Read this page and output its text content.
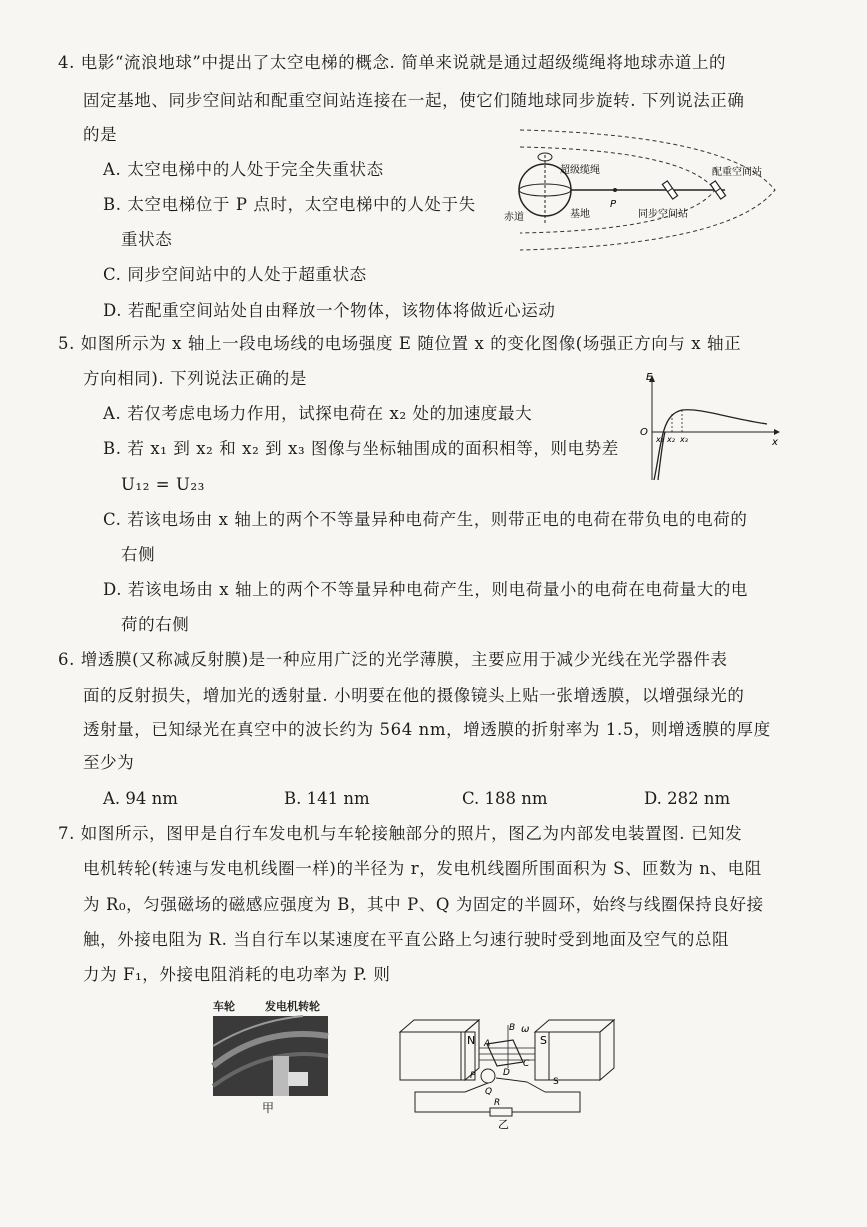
4. 电影“流浪地球”中提出了太空电梯的概念. 简单来说就是通过超级缆绳将地球赤道上的
固定基地、同步空间站和配重空间站连接在一起，使它们随地球同步旋转. 下列说法正确
的是
A. 太空电梯中的人处于完全失重状态
B. 太空电梯位于 P 点时，太空电梯中的人处于失
重状态
C. 同步空间站中的人处于超重状态
D. 若配重空间站处自由释放一个物体，该物体将做近心运动
超级缆绳	配重空间站
赤道	基地
P
同步空间站
5. 如图所示为 x 轴上一段电场线的电场强度 E 随位置 x 的变化图像(场强正方向与 x 轴正
方向相同). 下列说法正确的是
A. 若仅考虑电场力作用，试探电荷在 x₂ 处的加速度最大
B. 若 x₁ 到 x₂ 和 x₂ 到 x₃ 图像与坐标轴围成的面积相等，则电势差
U₁₂ = U₂₃
C. 若该电场由 x 轴上的两个不等量异种电荷产生，则带正电的电荷在带负电的电荷的
右侧
D. 若该电场由 x 轴上的两个不等量异种电荷产生，则电荷量小的电荷在电荷量大的电
荷的右侧
E
O
x
x₁ x₂ x₃
6. 增透膜(又称减反射膜)是一种应用广泛的光学薄膜，主要应用于减少光线在光学器件表
面的反射损失，增加光的透射量. 小明要在他的摄像镜头上贴一张增透膜，以增强绿光的
透射量，已知绿光在真空中的波长约为 564 nm，增透膜的折射率为 1.5，则增透膜的厚度
至少为
A. 94 nm	B. 141 nm	C. 188 nm	D. 282 nm
7. 如图所示，图甲是自行车发电机与车轮接触部分的照片，图乙为内部发电装置图. 已知发
电机转轮(转速与发电机线圈一样)的半径为 r，发电机线圈所围面积为 S、匝数为 n、电阻
为 R₀，匀强磁场的磁感应强度为 B，其中 P、Q 为固定的半圆环，始终与线圈保持良好接
触，外接电阻为 R. 当自行车以某速度在平直公路上匀速行驶时受到地面及空气的总阻
力为 F₁，外接电阻消耗的电功率为 P. 则
车轮	发电机转轮
甲
N	S
B
A
C
D
P
Q
ω
R
S
乙
